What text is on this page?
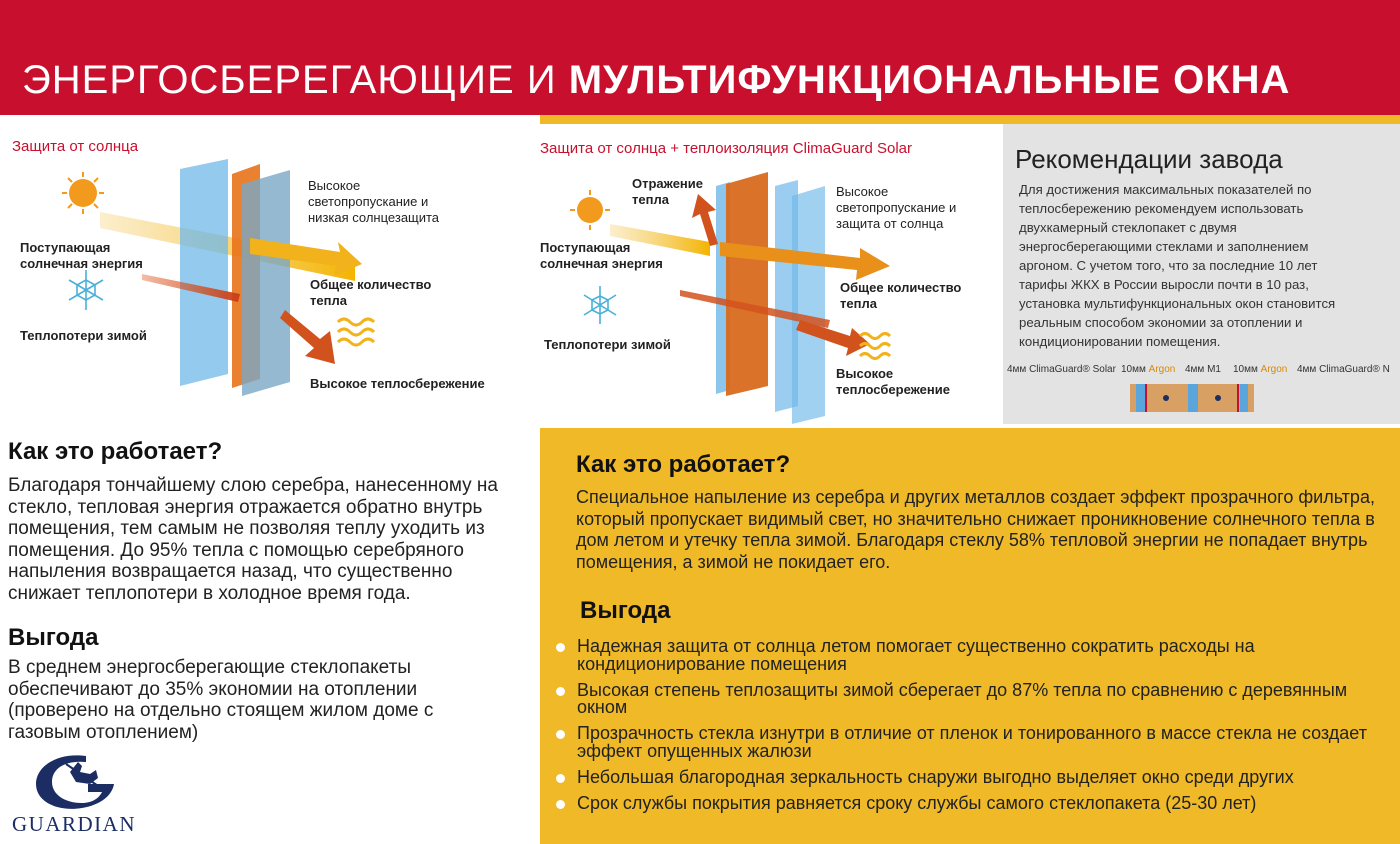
ЭНЕРГОСБЕРЕГАЮЩИЕ И МУЛЬТИФУНКЦИОНАЛЬНЫЕ ОКНА
Защита от солнца
Поступающая солнечная энергия
Теплопотери зимой
Высокое светопропускание и низкая солнцезащита
Общее количество тепла
Высокое теплосбережение
Защита от солнца + теплоизоляция ClimaGuard Solar
Отражение тепла
Поступающая солнечная энергия
Теплопотери зимой
Высокое светопропускание и защита от солнца
Общее количество тепла
Высокое теплосбережение
Рекомендации завода
Для достижения максимальных показателей по теплосбережению рекомендуем использовать двухкамерный стеклопакет с двумя энергосберегающими стеклами и заполнением аргоном. С учетом того, что за последние 10 лет тарифы ЖКХ в России выросли почти в 10 раз, установка мультифункциональных окон становится реальным способом экономии за отоплении и кондиционировании помещения.
4мм ClimaGuard® Solar 10мм Argon 4мм M1 10мм Argon 4мм ClimaGuard® N
Как это работает?
Благодаря тончайшему слою серебра, нанесенному на стекло, тепловая энергия отражается обратно внутрь помещения, тем самым не позволяя теплу уходить из помещения. До 95% тепла с помощью серебряного напыления возвращается назад, что существенно снижает теплопотери в холодное время года.
Выгода
В среднем энергосберегающие стеклопакеты обеспечивают до 35% экономии на отоплении (проверено на отдельно стоящем жилом доме с газовым отоплением)
GUARDIAN
Как это работает?
Специальное напыление из серебра и других металлов создает эффект прозрачного фильтра, который пропускает видимый свет, но значительно снижает проникновение солнечного тепла в дом летом и утечку тепла зимой. Благодаря стеклу 58% тепловой энергии не попадает внутрь помещения, а зимой не покидает его.
Выгода
Надежная защита от солнца летом помогает существенно сократить расходы на кондиционирование помещения
Высокая степень теплозащиты зимой сберегает до 87% тепла по сравнению с деревянным окном
Прозрачность стекла изнутри в отличие от пленок и тонированного в массе стекла не создает эффект опущенных жалюзи
Небольшая благородная зеркальность снаружи выгодно выделяет окно среди других
Срок службы покрытия равняется сроку службы самого стеклопакета (25-30 лет)
